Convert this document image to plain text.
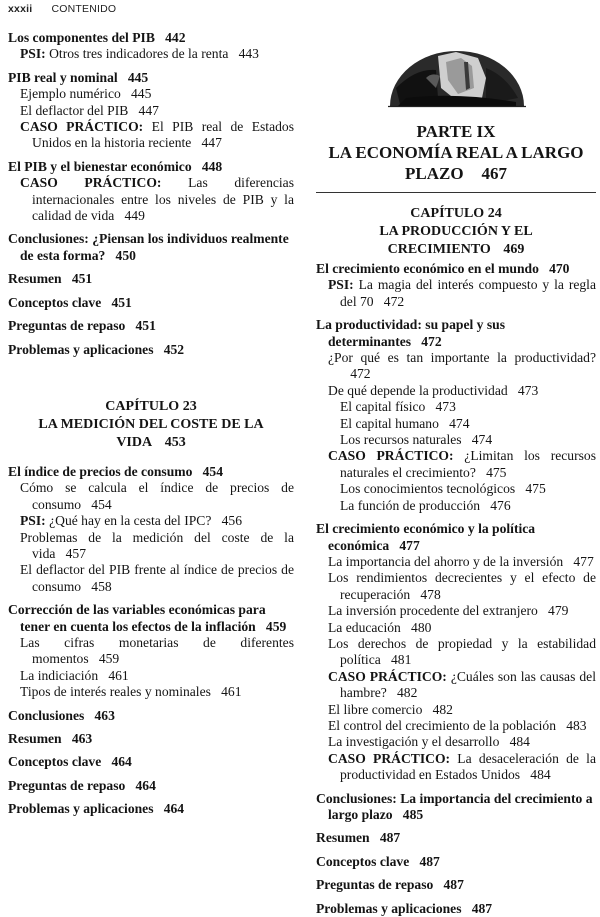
xxxii CONTENIDO
Los componentes del PIB 442
PSI: Otros tres indicadores de la renta 443
PIB real y nominal 445
Ejemplo numérico 445
El deflactor del PIB 447
CASO PRÁCTICO: El PIB real de Estados Unidos en la historia reciente 447
El PIB y el bienestar económico 448
CASO PRÁCTICO: Las diferencias internacionales entre los niveles de PIB y la calidad de vida 449
Conclusiones: ¿Piensan los individuos realmente de esta forma? 450
Resumen 451
Conceptos clave 451
Preguntas de repaso 451
Problemas y aplicaciones 452
CAPÍTULO 23
LA MEDICIÓN DEL COSTE DE LA VIDA 453
El índice de precios de consumo 454
Cómo se calcula el índice de precios de consumo 454
PSI: ¿Qué hay en la cesta del IPC? 456
Problemas de la medición del coste de la vida 457
El deflactor del PIB frente al índice de precios de consumo 458
Corrección de las variables económicas para tener en cuenta los efectos de la inflación 459
Las cifras monetarias de diferentes momentos 459
La indiciación 461
Tipos de interés reales y nominales 461
Conclusiones 463
Resumen 463
Conceptos clave 464
Preguntas de repaso 464
Problemas y aplicaciones 464
PARTE IX
LA ECONOMÍA REAL A LARGO PLAZO 467
CAPÍTULO 24
LA PRODUCCIÓN Y EL CRECIMIENTO 469
El crecimiento económico en el mundo 470
PSI: La magia del interés compuesto y la regla del 70 472
La productividad: su papel y sus determinantes 472
¿Por qué es tan importante la productividad?472
De qué depende la productividad 473
El capital físico 473
El capital humano 474
Los recursos naturales 474
CASO PRÁCTICO: ¿Limitan los recursos naturales el crecimiento? 475
Los conocimientos tecnológicos 475
La función de producción 476
El crecimiento económico y la política económica 477
La importancia del ahorro y de la inversión 477
Los rendimientos decrecientes y el efecto de recuperación 478
La inversión procedente del extranjero 479
La educación 480
Los derechos de propiedad y la estabilidad política 481
CASO PRÁCTICO: ¿Cuáles son las causas del hambre? 482
El libre comercio 482
El control del crecimiento de la población 483
La investigación y el desarrollo 484
CASO PRÁCTICO: La desaceleración de la productividad en Estados Unidos 484
Conclusiones: La importancia del crecimiento a largo plazo 485
Resumen 487
Conceptos clave 487
Preguntas de repaso 487
Problemas y aplicaciones 487
